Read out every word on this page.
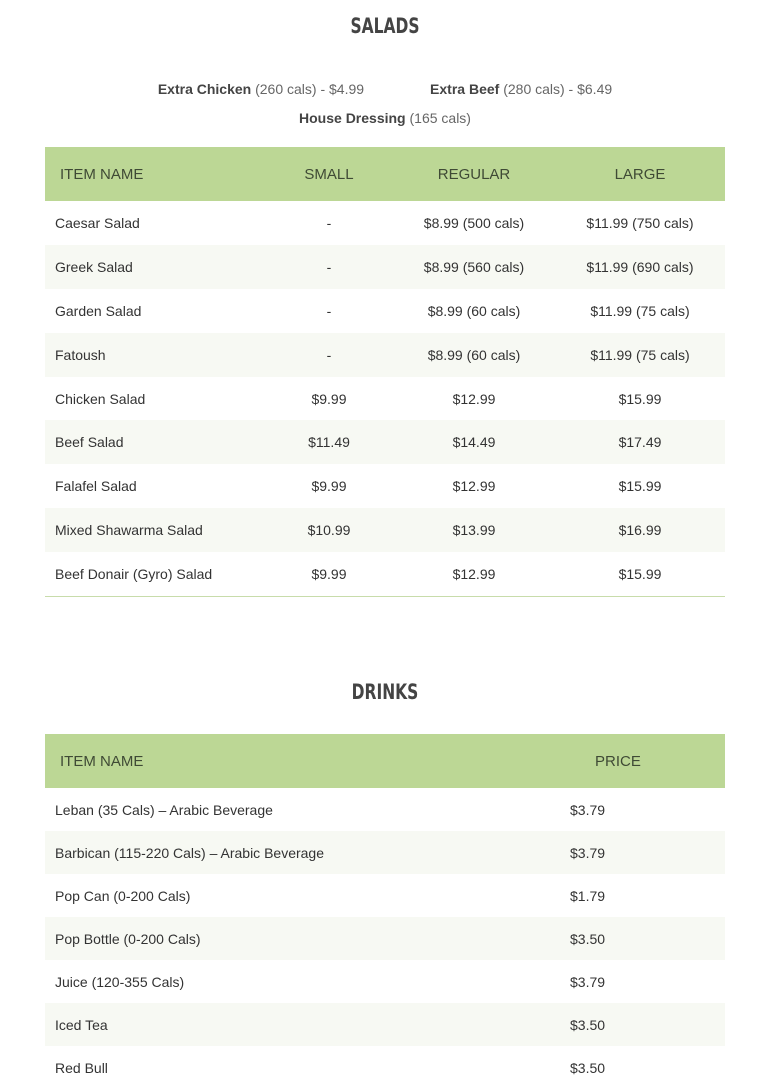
SALADS
Extra Chicken (260 cals) - $4.99	Extra Beef (280 cals) - $6.49
House Dressing (165 cals)
ITEM NAME	SMALL	REGULAR	LARGE
Caesar Salad	-	$8.99 (500 cals)	$11.99 (750 cals)
Greek Salad	-	$8.99 (560 cals)	$11.99 (690 cals)
Garden Salad	-	$8.99 (60 cals)	$11.99 (75 cals)
Fatoush	-	$8.99 (60 cals)	$11.99 (75 cals)
Chicken Salad	$9.99	$12.99	$15.99
Beef Salad	$11.49	$14.49	$17.49
Falafel Salad	$9.99	$12.99	$15.99
Mixed Shawarma Salad	$10.99	$13.99	$16.99
Beef Donair (Gyro) Salad	$9.99	$12.99	$15.99
DRINKS
ITEM NAME	PRICE
Leban (35 Cals) – Arabic Beverage	$3.79
Barbican (115-220 Cals) – Arabic Beverage	$3.79
Pop Can (0-200 Cals)	$1.79
Pop Bottle (0-200 Cals)	$3.50
Juice (120-355 Cals)	$3.79
Iced Tea	$3.50
Red Bull	$3.50
